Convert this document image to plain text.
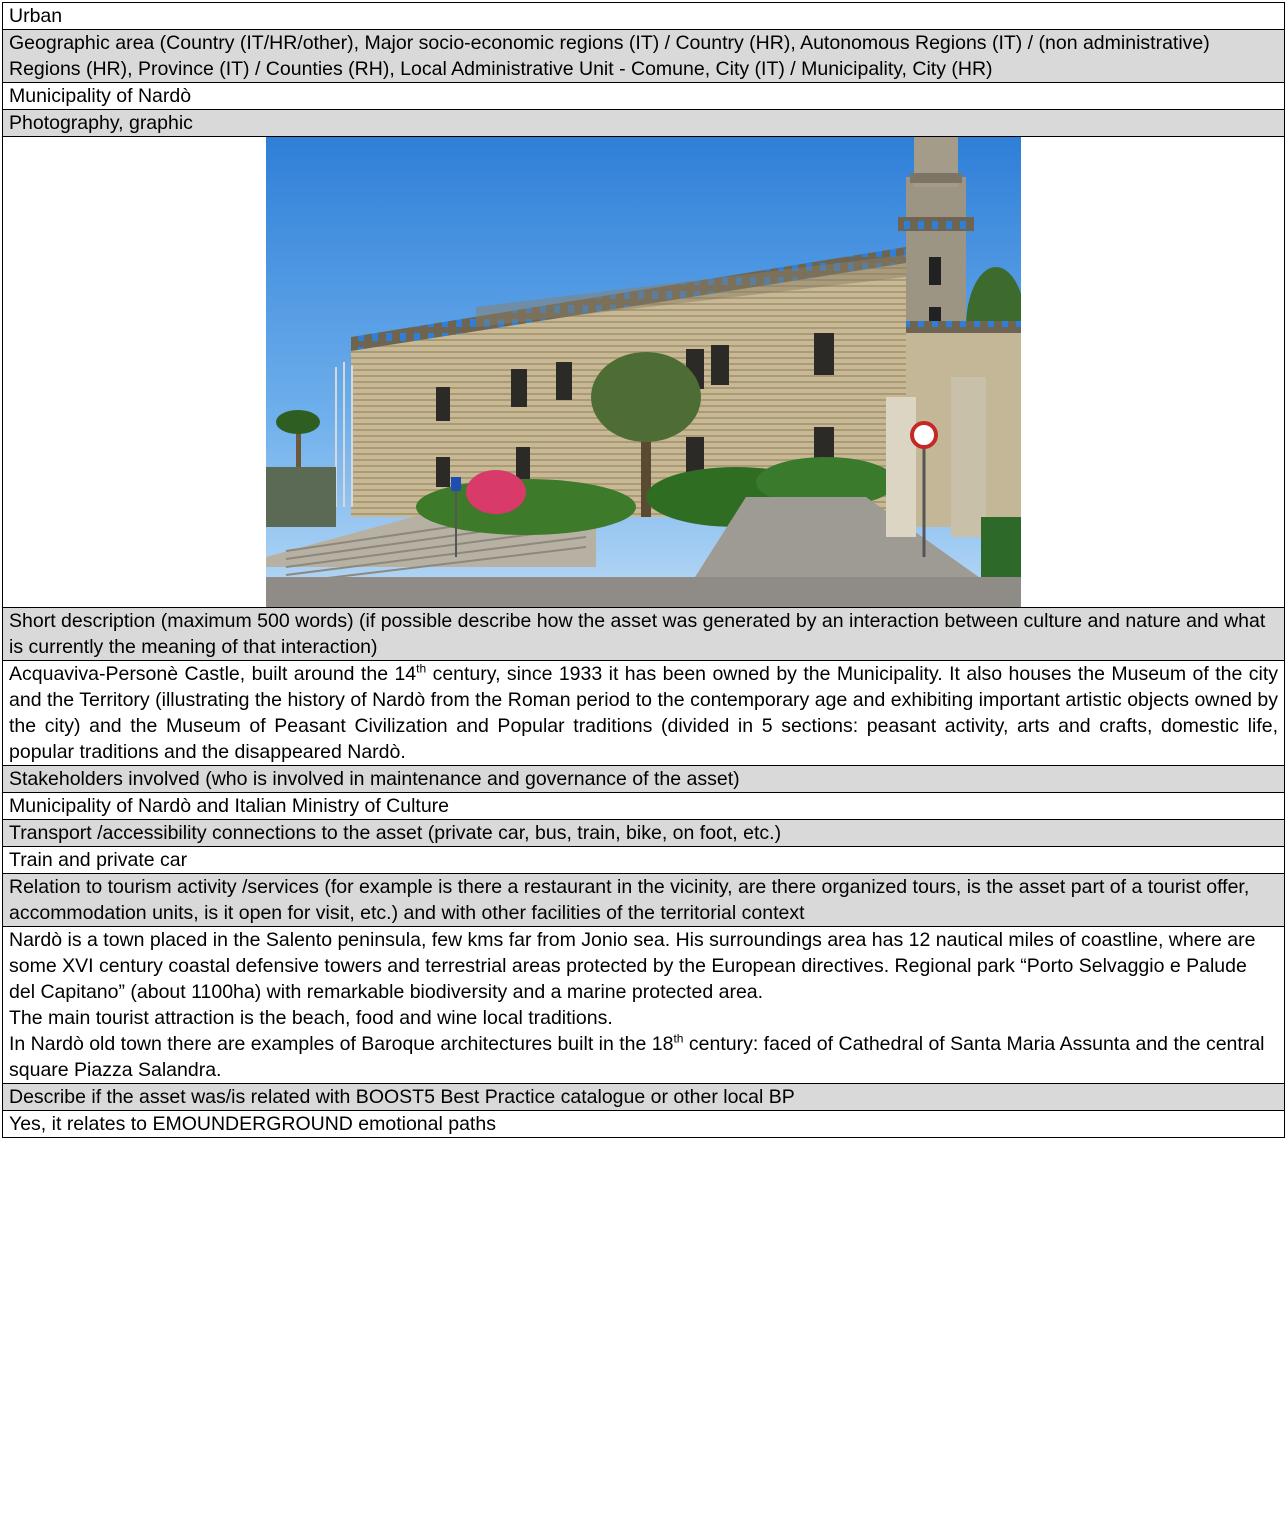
Urban
Geographic area (Country (IT/HR/other), Major socio-economic regions (IT) / Country (HR), Autonomous Regions (IT) / (non administrative) Regions (HR), Province (IT) / Counties (RH), Local Administrative Unit - Comune, City (IT) / Municipality, City (HR)
Municipality of Nardò
Photography, graphic

Short description (maximum 500 words) (if possible describe how the asset was generated by an interaction between culture and nature and what is currently the meaning of that interaction)
Acquaviva-Personè Castle, built around the 14th century, since 1933 it has been owned by the Municipality. It also houses the Museum of the city and the Territory (illustrating the history of Nardò from the Roman period to the contemporary age and exhibiting important artistic objects owned by the city) and the Museum of Peasant Civilization and Popular traditions (divided in 5 sections: peasant activity, arts and crafts, domestic life, popular traditions and the disappeared Nardò.
Stakeholders involved (who is involved in maintenance and governance of the asset)
Municipality of Nardò and Italian Ministry of Culture
Transport /accessibility connections to the asset (private car, bus, train, bike, on foot, etc.)
Train and private car
Relation to tourism activity /services (for example is there a restaurant in the vicinity, are there organized tours, is the asset part of a tourist offer, accommodation units, is it open for visit, etc.) and with other facilities of the territorial context

Nardò is a town placed in the Salento peninsula, few kms far from Jonio sea. His surroundings area has 12 nautical miles of coastline, where are some XVI century coastal defensive towers and terrestrial areas protected by the European directives. Regional park “Porto Selvaggio e Palude del Capitano” (about 1100ha) with remarkable biodiversity and a marine protected area.
The main tourist attraction is the beach, food and wine local traditions.
In Nardò old town there are examples of Baroque architectures built in the 18th century: faced of Cathedral of Santa Maria Assunta and the central square Piazza Salandra.

Describe if the asset was/is related with BOOST5 Best Practice catalogue or other local BP
Yes, it relates to EMOUNDERGROUND emotional paths
